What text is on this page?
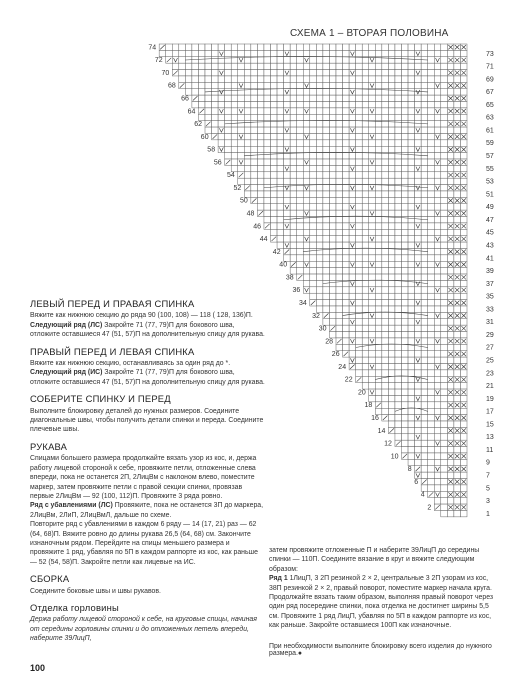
СХЕМА 1 – ВТОРАЯ ПОЛОВИНА
73
71
69
67
65
63
61
59
57
55
53
51
49
47
45
43
41
39
37
35
33
31
29
27
25
23
21
19
17
15
13
11
9
7
5
3
1
74
72
70
68
66
64
62
60
58
56
54
52
50
48
46
44
42
40
38
36
34
32
30
28
26
24
22
20
18
16
14
12
10
8
6
4
2
ЛЕВЫЙ ПЕРЕД И ПРАВАЯ СПИНКА

Вяжите как нижнюю секцию до ряда 90 (100, 108) — 118 ( 128, 136)П.

Следующий ряд (ЛС) Закройте 71 (77, 79)П для бокового шва, отложите оставшиеся 47 (51, 57)П на дополнительную спицу для рукава.

ПРАВЫЙ ПЕРЕД И ЛЕВАЯ СПИНКА

Вяжите как нижнюю секцию, останавливаясь за один ряд до *.

Следующий ряд (ИС) Закройте 71 (77, 79)П для бокового шва, отложите оставшиеся 47 (51, 57)П на дополнительную спицу для рукава.

СОБЕРИТЕ СПИНКУ И ПЕРЕД

Выполните блокировку деталей до нужных размеров. Соедините диагональные швы, чтобы получить детали спинки и переда. Соедините плечевые швы.

РУКАВА

Спицами большего размера продолжайте вязать узор из кос, и, держа работу лицевой стороной к себе, провяжите петли, отложенные слева впереди, пока не останется 2П, 2ЛицВм с наклоном влево, поместите маркер, затем провяжите петли с правой секции спинки, провязав первые 2ЛицВм — 92 (100, 112)П. Провяжите 3 ряда ровно.

Ряд с убавлениями (ЛС) Провяжите, пока не останется 3П до маркера, 2ЛицВм, 2ЛиП, 2ЛицВмЛ, дальше по схеме.

Повторите ряд с убавлениями в каждом 6 ряду — 14 (17, 21) раз — 62 (64, 68)П. Вяжите ровно до длины рукава 26,5 (64, 68) см. Закончите изнаночным рядом. Перейдите на спицы меньшего размера и провяжите 1 ряд, убавляя по 5П в каждом раппорте из кос, как раньше — 52 (54, 58)П. Закройте петли как лицевые на ИС.

СБОРКА

Соедините боковые швы и швы рукавов.

Отделка горловины

Держа работу лицевой стороной к себе, на круговые спицы, начиная от середины горловины спинки и до отложенных петель впереди, наберите 39ЛицП,

затем провяжите отложенные П и наберите 39ЛицП до середины спинки — 110П. Соедините вязание в круг и вяжите следующим образом:

Ряд 1 1ЛицП, 3 2П резинкой 2 × 2, центральные 3 2П узорам из кос, 38П резинкой 2 × 2, правый поворот, поместите маркер начала круга.

Продолжайте вязать таким образом, выполняя правый поворот через один ряд посередине спинки, пока отделка не достигнет ширины 5,5 см. Провяжите 1 ряд ЛицП, убавляя по 5П в каждом раппорте из кос, как раньше. Закройте оставшиеся 100П как изнаночные.

При необходимости выполните блокировку всего изделия до нужного размера.●
100
